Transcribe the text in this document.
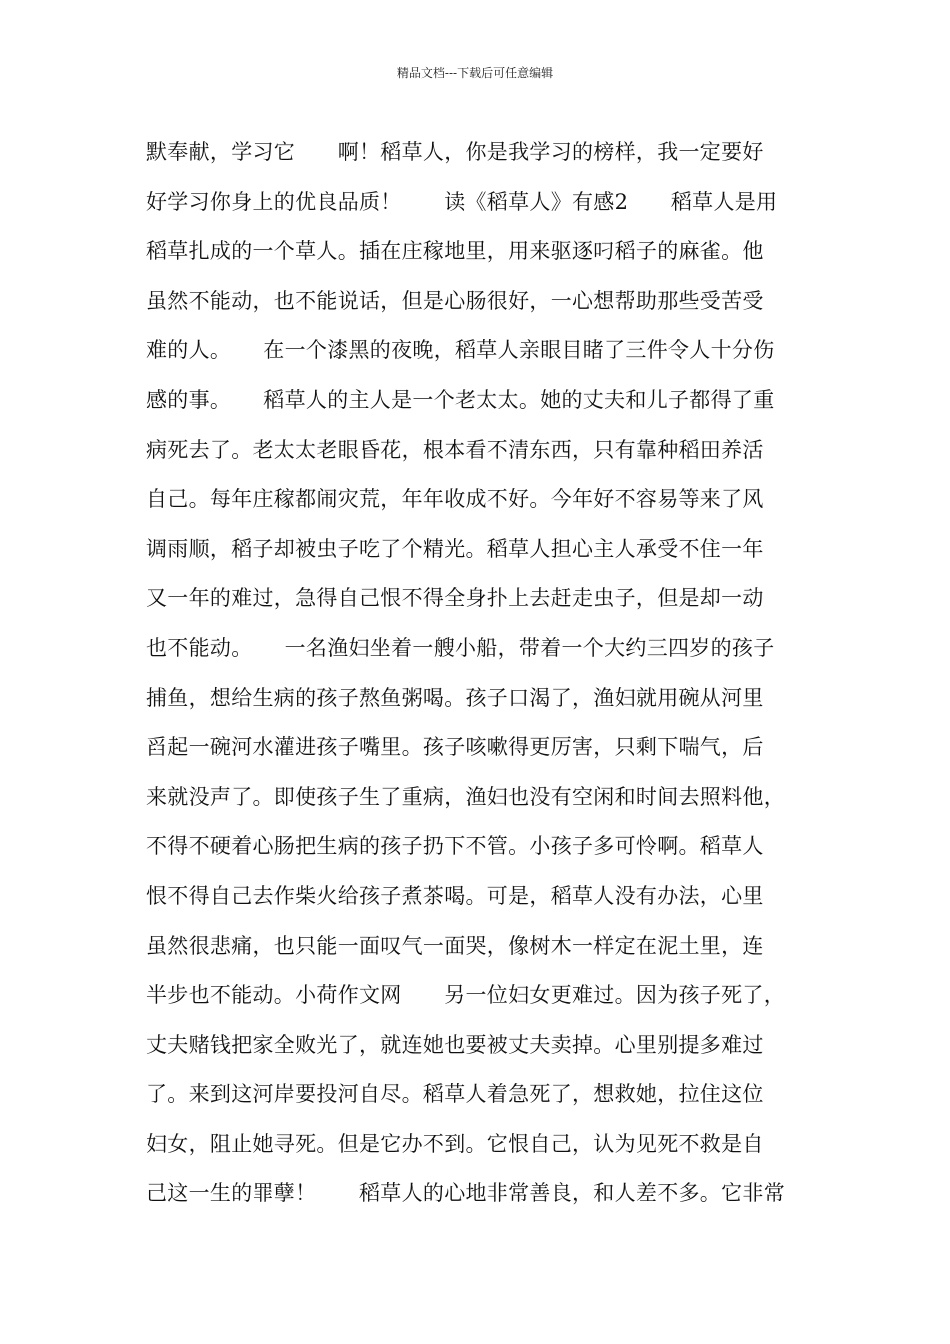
精品文档---下载后可任意编辑
默奉献，学习它　　啊！稻草人，你是我学习的榜样，我一定要好
好学习你身上的优良品质！　　读《稻草人》有感2　　稻草人是用
稻草扎成的一个草人。插在庄稼地里，用来驱逐叼稻子的麻雀。他
虽然不能动，也不能说话，但是心肠很好，一心想帮助那些受苦受
难的人。　　在一个漆黑的夜晚，稻草人亲眼目睹了三件令人十分伤
感的事。　　稻草人的主人是一个老太太。她的丈夫和儿子都得了重
病死去了。老太太老眼昏花，根本看不清东西，只有靠种稻田养活
自己。每年庄稼都闹灾荒，年年收成不好。今年好不容易等来了风
调雨顺，稻子却被虫子吃了个精光。稻草人担心主人承受不住一年
又一年的难过，急得自己恨不得全身扑上去赶走虫子，但是却一动
也不能动。　　一名渔妇坐着一艘小船，带着一个大约三四岁的孩子
捕鱼，想给生病的孩子熬鱼粥喝。孩子口渴了，渔妇就用碗从河里
舀起一碗河水灌进孩子嘴里。孩子咳嗽得更厉害，只剩下喘气，后
来就没声了。即使孩子生了重病，渔妇也没有空闲和时间去照料他，
不得不硬着心肠把生病的孩子扔下不管。小孩子多可怜啊。稻草人
恨不得自己去作柴火给孩子煮茶喝。可是，稻草人没有办法，心里
虽然很悲痛，也只能一面叹气一面哭，像树木一样定在泥土里，连
半步也不能动。小荷作文网　　另一位妇女更难过。因为孩子死了，
丈夫赌钱把家全败光了，就连她也要被丈夫卖掉。心里别提多难过
了。来到这河岸要投河自尽。稻草人着急死了，想救她，拉住这位
妇女，阻止她寻死。但是它办不到。它恨自己，认为见死不救是自
己这一生的罪孽！　　稻草人的心地非常善良，和人差不多。它非常
